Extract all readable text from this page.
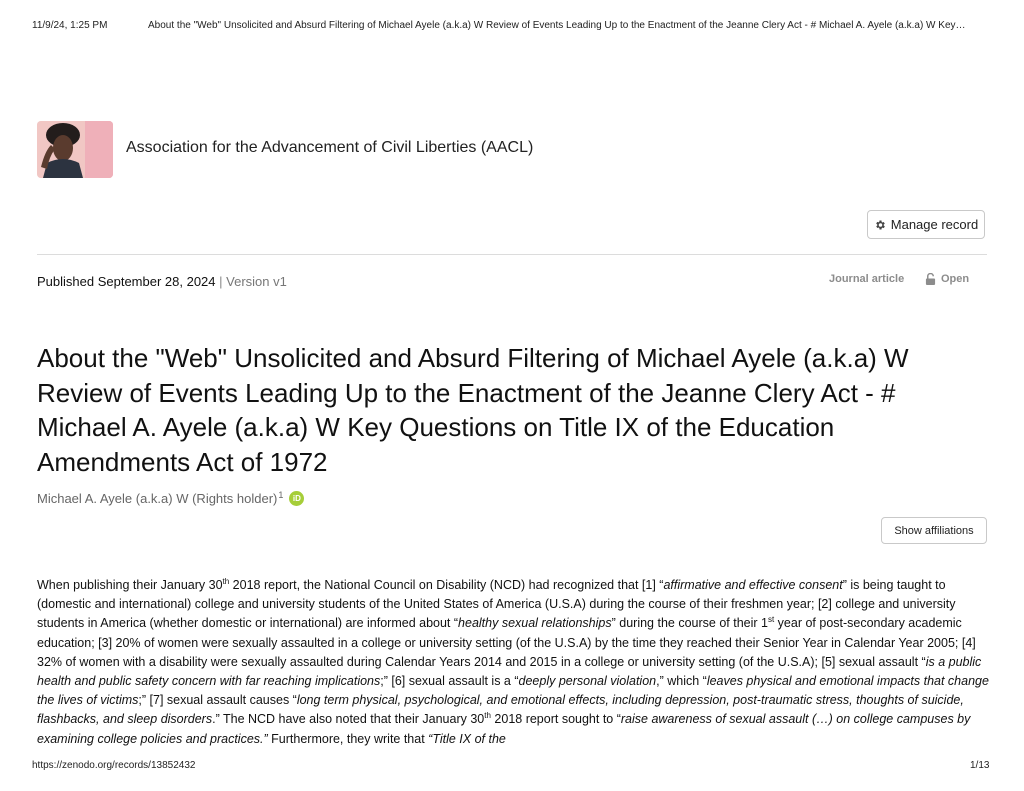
11/9/24, 1:25 PM	About the "Web" Unsolicited and Absurd Filtering of Michael Ayele (a.k.a) W Review of Events Leading Up to the Enactment of the Jeanne Clery Act - # Michael A. Ayele (a.k.a) W Key…
Association for the Advancement of Civil Liberties (AACL)
Manage record
Published September 28, 2024 | Version v1	Journal article	Open
About the "Web" Unsolicited and Absurd Filtering of Michael Ayele (a.k.a) W Review of Events Leading Up to the Enactment of the Jeanne Clery Act - # Michael A. Ayele (a.k.a) W Key Questions on Title IX of the Education Amendments Act of 1972
Michael A. Ayele (a.k.a) W (Rights holder)$^1$	iD
Show affiliations

When publishing their January 30th 2018 report, the National Council on Disability (NCD) had recognized that [1] “affirmative and effective consent” is being taught to (domestic and international) college and university students of the United States of America (U.S.A) during the course of their freshmen year; [2] college and university students in America (whether domestic or international) are informed about “healthy sexual relationships” during the course of their 1st year of post-secondary academic education; [3] 20% of women were sexually assaulted in a college or university setting (of the U.S.A) by the time they reached their Senior Year in Calendar Year 2005; [4] 32% of women with a disability were sexually assaulted during Calendar Years 2014 and 2015 in a college or university setting (of the U.S.A); [5] sexual assault “is a public health and public safety concern with far reaching implications;” [6] sexual assault is a “deeply personal violation,” which “leaves physical and emotional impacts that change the lives of victims;” [7] sexual assault causes “long term physical, psychological, and emotional effects, including depression, post-traumatic stress, thoughts of suicide, flashbacks, and sleep disorders.” The NCD have also noted that their January 30th 2018 report sought to “raise awareness of sexual assault (…) on college campuses by examining college policies and practices.” Furthermore, they write that “Title IX of the

https://zenodo.org/records/13852432	1/13
